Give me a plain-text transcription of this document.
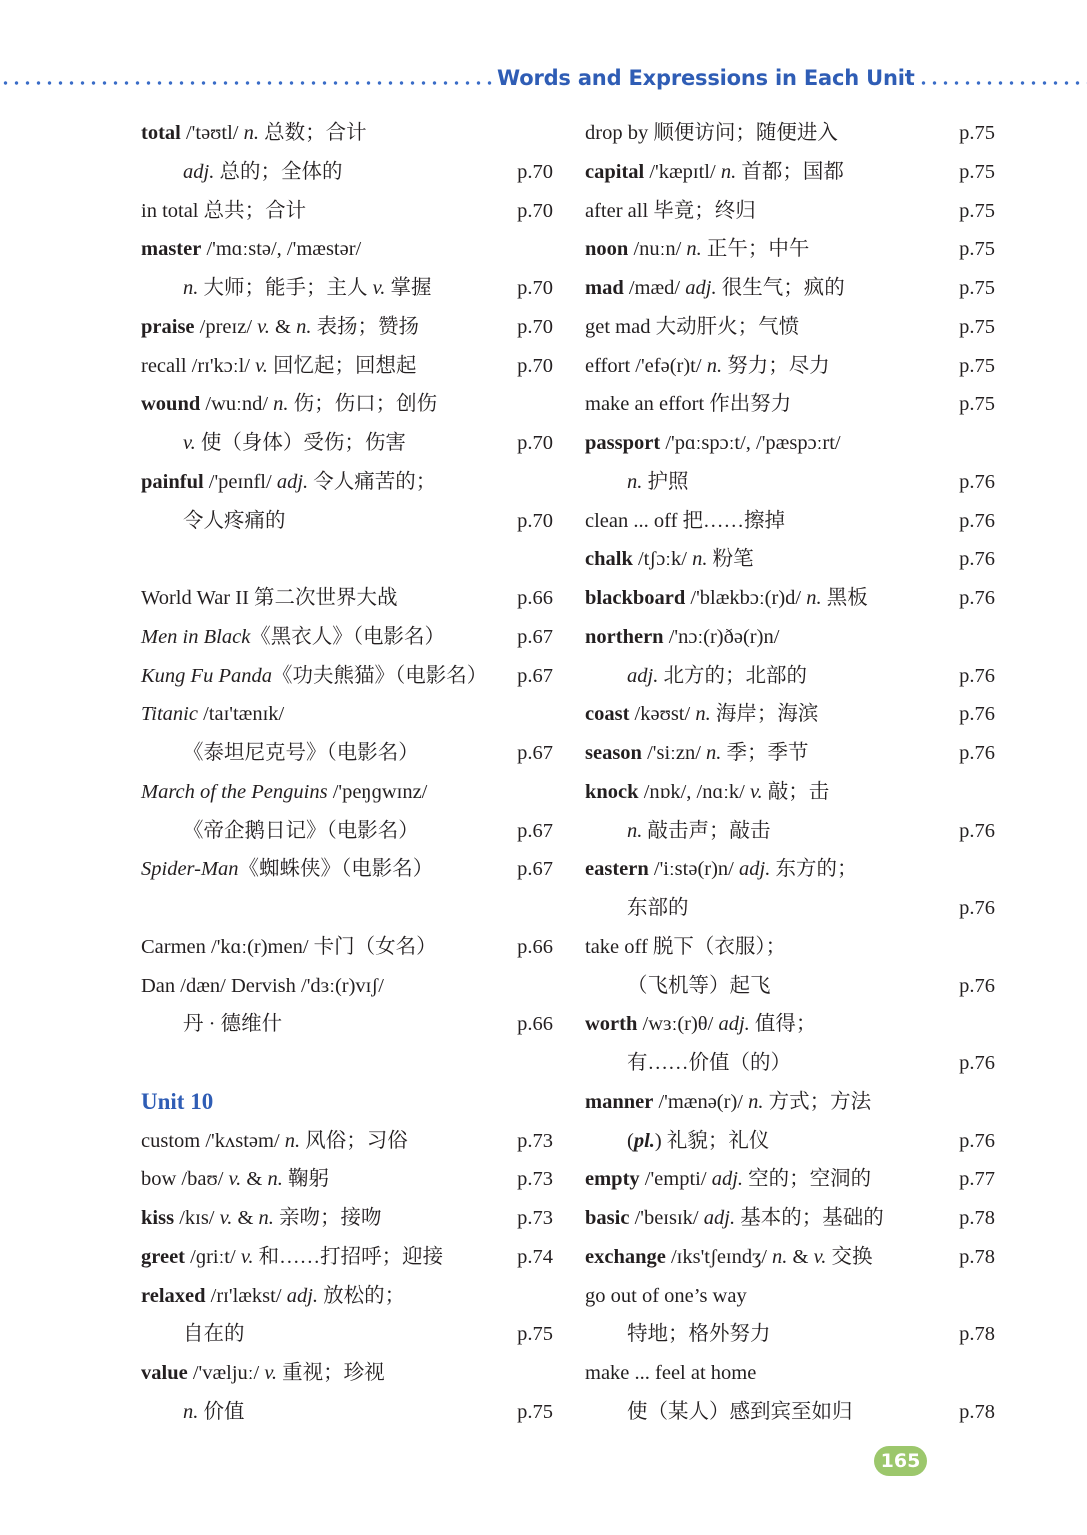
Words and Expressions in Each Unit
total /'təʊtl/ n. 总数；合计
adj. 总的；全体的	p.70
in total 总共；合计	p.70
master /'mɑːstə/, /'mæstər/
n. 大师；能手；主人 v. 掌握	p.70
praise /preɪz/ v. & n. 表扬；赞扬	p.70
recall /rɪ'kɔːl/ v. 回忆起；回想起	p.70
wound /wuːnd/ n. 伤；伤口；创伤
v. 使（身体）受伤；伤害	p.70
painful /'peɪnfl/ adj. 令人痛苦的；
令人疼痛的	p.70
World War II 第二次世界大战	p.66
Men in Black《黑衣人》（电影名）	p.67
Kung Fu Panda《功夫熊猫》（电影名） p.67
Titanic /taɪ'tænɪk/
《泰坦尼克号》（电影名）	p.67
March of the Penguins /'peŋɡwɪnz/
《帝企鹅日记》（电影名）	p.67
Spider-Man《蜘蛛侠》（电影名）	p.67
Carmen /'kɑː(r)men/ 卡门（女名）	p.66
Dan /dæn/ Dervish /'dɜː(r)vɪʃ/
丹 · 德维什	p.66
Unit 10
custom /'kʌstəm/ n. 风俗；习俗	p.73
bow /baʊ/ v. & n. 鞠躬	p.73
kiss /kɪs/ v. & n. 亲吻；接吻	p.73
greet /ɡriːt/ v. 和……打招呼；迎接	p.74
relaxed /rɪ'lækst/ adj. 放松的；
自在的	p.75
value /'væljuː/ v. 重视；珍视
n. 价值	p.75
drop by 顺便访问；随便进入	p.75
capital /'kæpɪtl/ n. 首都；国都	p.75
after all 毕竟；终归	p.75
noon /nuːn/ n. 正午；中午	p.75
mad /mæd/ adj. 很生气；疯的	p.75
get mad 大动肝火；气愤	p.75
effort /'efə(r)t/ n. 努力；尽力	p.75
make an effort 作出努力	p.75
passport /'pɑːspɔːt/, /'pæspɔːrt/
n. 护照	p.76
clean ... off 把……擦掉	p.76
chalk /tʃɔːk/ n. 粉笔	p.76
blackboard /'blækbɔː(r)d/ n. 黑板	p.76
northern /'nɔː(r)ðə(r)n/
adj. 北方的；北部的	p.76
coast /kəʊst/ n. 海岸；海滨	p.76
season /'siːzn/ n. 季；季节	p.76
knock /nɒk/, /nɑːk/ v. 敲；击
n. 敲击声；敲击	p.76
eastern /'iːstə(r)n/ adj. 东方的；
东部的	p.76
take off 脱下（衣服）；
（飞机等）起飞	p.76
worth /wɜː(r)θ/ adj. 值得；
有……价值（的）	p.76
manner /'mænə(r)/ n. 方式；方法
(pl.) 礼貌；礼仪	p.76
empty /'empti/ adj. 空的；空洞的	p.77
basic /'beɪsɪk/ adj. 基本的；基础的	p.78
exchange /ɪks'tʃeɪndʒ/ n. & v. 交换	p.78
go out of one’s way
特地；格外努力	p.78
make ... feel at home
使（某人）感到宾至如归	p.78
165
